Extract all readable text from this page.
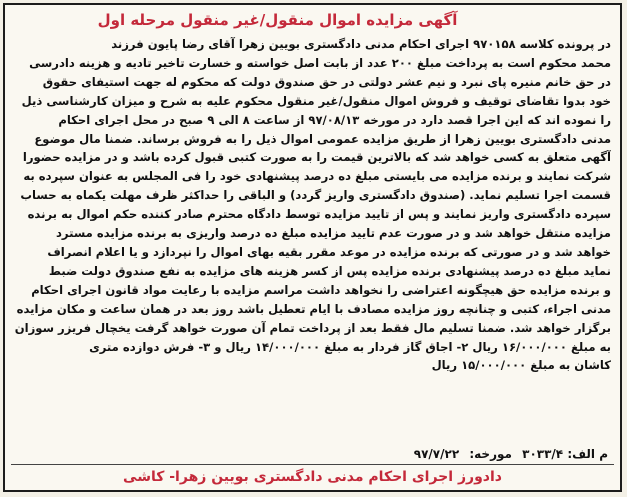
آگهی مزایده اموال منقول/غیر منقول مرحله اول
در پرونده کلاسه ۹۷۰۱۵۸ اجرای احکام مدنی دادگستری بویین زهرا آقای رضا پایون فرزند
محمد محکوم است به پرداخت مبلغ ۲۰۰ عدد از بابت اصل خواسته و خسارت تاخیر تادیه و هزینه دادرسی
در حق خانم منیره پای نبرد و نیم عشر دولتی در حق صندوق دولت که محکوم له جهت استیفای حقوق
خود بدوا تقاضای توقیف و فروش اموال منقول/غیر منقول محکوم علیه به شرح و میزان کارشناسی ذیل
را نموده اند که این اجرا قصد دارد در مورخه ۹۷/۰۸/۱۳ از ساعت ۸ الی ۹ صبح در محل اجرای احکام
مدنی دادگستری بویین زهرا از طریق مزایده عمومی اموال ذیل را به فروش برساند. ضمنا مال موضوع
آگهی متعلق به کسی خواهد شد که بالاترین قیمت را به صورت کتبی قبول کرده باشد و در مزایده حضورا
شرکت نمایند و برنده مزایده می بایستی مبلغ ده درصد پیشنهادی خود را فی المجلس به عنوان سپرده به
قسمت اجرا تسلیم نماید. (صندوق دادگستری واریز گردد) و الباقی را حداکثر ظرف مهلت یکماه به حساب
سپرده دادگستری واریز نمایند و پس از تایید مزایده توسط دادگاه محترم صادر کننده حکم اموال به برنده
مزایده منتقل خواهد شد و در صورت عدم تایید مزایده مبلغ ده درصد واریزی به برنده مزایده مسترد
خواهد شد و در صورتی که برنده مزایده در موعد مقرر بقیه بهای اموال را نپردازد و یا اعلام انصراف
نماید مبلغ ده درصد پیشنهادی برنده مزایده پس از کسر هزینه های مزایده به نفع صندوق دولت ضبط
و برنده مزایده حق هیچگونه اعتراضی را نخواهد داشت مراسم مزایده با رعایت مواد قانون اجرای احکام
مدنی اجراء، کتبی و چنانچه روز مزایده مصادف با ایام تعطیل باشد روز بعد در همان ساعت و مکان مزایده
برگزار خواهد شد. ضمنا تسلیم مال فقط بعد از پرداخت تمام آن صورت خواهد گرفت یخچال فریزر سوزان
به مبلغ ۱۶/۰۰۰/۰۰۰ ریال ۲- اجاق گاز فردار به مبلغ ۱۴/۰۰۰/۰۰۰ ریال و ۳- فرش دوازده متری
کاشان به مبلغ ۱۵/۰۰۰/۰۰۰ ریال
م الف: ۳۰۳۳/۴ مورخه: ۹۷/۷/۲۲
دادورز اجرای احکام مدنی دادگستری بویین زهرا- کاشی
